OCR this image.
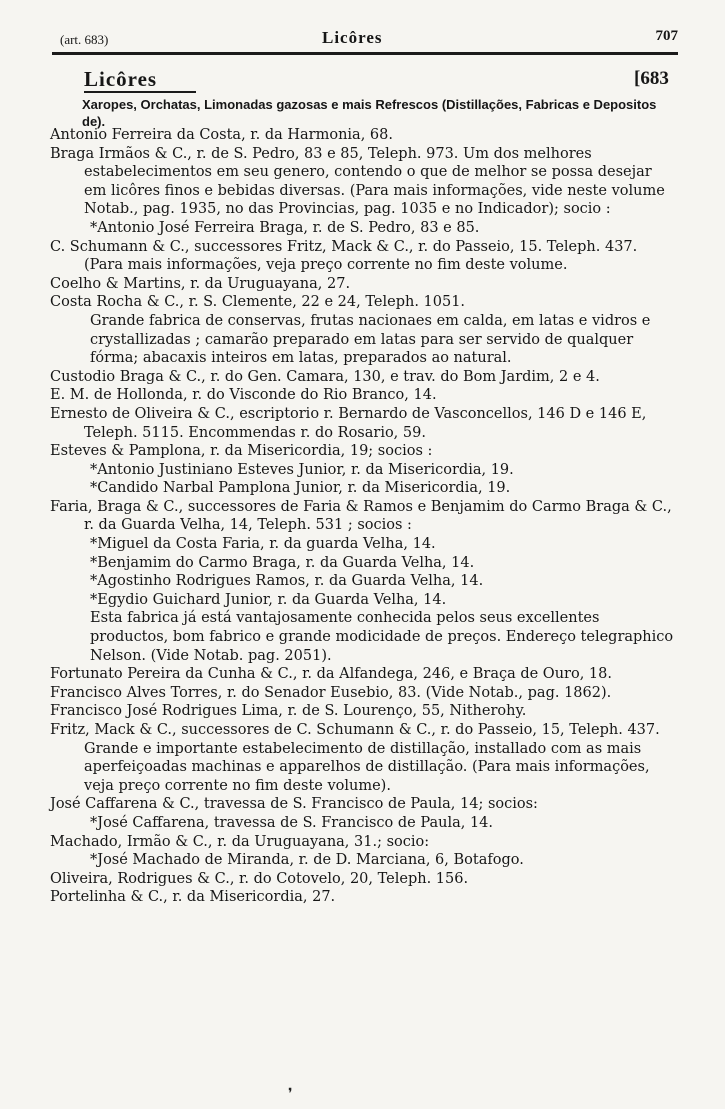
(art. 683)	Licôres	707
Licôres	[683
Xaropes, Orchatas, Limonadas gazosas e mais Refrescos (Distillações, Fabricas e Depositos de).

Antonio Ferreira da Costa, r. da Harmonia, 68.

Braga Irmãos & C., r. de S. Pedro, 83 e 85, Teleph. 973. Um dos melhores estabelecimentos em seu genero, contendo o que de melhor se possa desejar em licôres finos e bebidas diversas. (Para mais informações, vide neste volume Notab., pag. 1935, no das Provincias, pag. 1035 e no Indicador); socio :

*Antonio José Ferreira Braga, r. de S. Pedro, 83 e 85.

C. Schumann & C., successores Fritz, Mack & C., r. do Passeio, 15. Teleph. 437. (Para mais informações, veja preço corrente no fim deste volume.

Coelho & Martins, r. da Uruguayana, 27.

Costa Rocha & C., r. S. Clemente, 22 e 24, Teleph. 1051.

Grande fabrica de conservas, frutas nacionaes em calda, em latas e vidros e crystallizadas ; camarão preparado em latas para ser servido de qualquer fórma; abacaxis inteiros em latas, preparados ao natural.

Custodio Braga & C., r. do Gen. Camara, 130, e trav. do Bom Jardim, 2 e 4.

E. M. de Hollonda, r. do Visconde do Rio Branco, 14.

Ernesto de Oliveira & C., escriptorio r. Bernardo de Vasconcellos, 146 D e 146 E, Teleph. 5115. Encommendas r. do Rosario, 59.

Esteves & Pamplona, r. da Misericordia, 19; socios :

*Antonio Justiniano Esteves Junior, r. da Misericordia, 19.

*Candido Narbal Pamplona Junior, r. da Misericordia, 19.

Faria, Braga & C., successores de Faria & Ramos e Benjamim do Carmo Braga & C., r. da Guarda Velha, 14, Teleph. 531 ; socios :

*Miguel da Costa Faria, r. da guarda Velha, 14.

*Benjamim do Carmo Braga, r. da Guarda Velha, 14.

*Agostinho Rodrigues Ramos, r. da Guarda Velha, 14.

*Egydio Guichard Junior, r. da Guarda Velha, 14.

Esta fabrica já está vantajosamente conhecida pelos seus excellentes productos, bom fabrico e grande modicidade de preços. Endereço telegraphico Nelson. (Vide Notab. pag. 2051).

Fortunato Pereira da Cunha & C., r. da Alfandega, 246, e Braça de Ouro, 18.

Francisco Alves Torres, r. do Senador Eusebio, 83. (Vide Notab., pag. 1862).

Francisco José Rodrigues Lima, r. de S. Lourenço, 55, Nitherohy.

Fritz, Mack & C., successores de C. Schumann & C., r. do Passeio, 15, Teleph. 437. Grande e importante estabelecimento de distillação, installado com as mais aperfeiçoadas machinas e apparelhos de distillação. (Para mais informações, veja preço corrente no fim deste volume).

José Caffarena & C., travessa de S. Francisco de Paula, 14; socios:

*José Caffarena, travessa de S. Francisco de Paula, 14.

Machado, Irmão & C., r. da Uruguayana, 31.; socio:

*José Machado de Miranda, r. de D. Marciana, 6, Botafogo.

Oliveira, Rodrigues & C., r. do Cotovelo, 20, Teleph. 156.

Portelinha & C., r. da Misericordia, 27.

❜
